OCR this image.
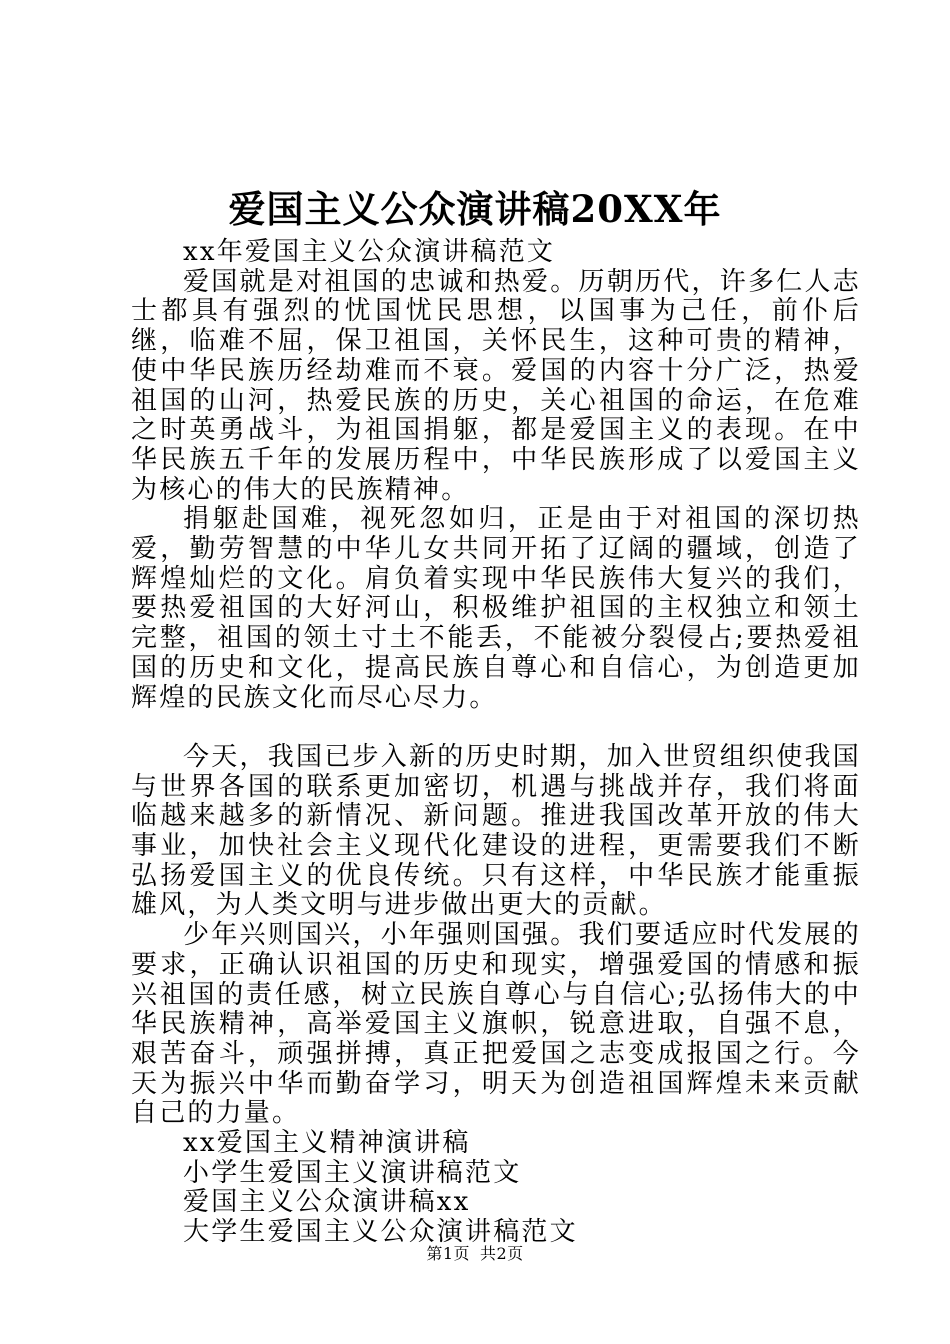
爱国主义公众演讲稿20XX年

xx年爱国主义公众演讲稿范文

爱国就是对祖国的忠诚和热爱。历朝历代，许多仁人志士都具有强烈的忧国忧民思想，以国事为己任，前仆后继，临难不屈，保卫祖国，关怀民生，这种可贵的精神，使中华民族历经劫难而不衰。爱国的内容十分广泛，热爱祖国的山河，热爱民族的历史，关心祖国的命运，在危难之时英勇战斗，为祖国捐躯，都是爱国主义的表现。在中华民族五千年的发展历程中，中华民族形成了以爱国主义为核心的伟大的民族精神。

捐躯赴国难，视死忽如归，正是由于对祖国的深切热爱，勤劳智慧的中华儿女共同开拓了辽阔的疆域，创造了辉煌灿烂的文化。肩负着实现中华民族伟大复兴的我们，要热爱祖国的大好河山，积极维护祖国的主权独立和领土完整，祖国的领土寸土不能丢，不能被分裂侵占;要热爱祖国的历史和文化，提高民族自尊心和自信心，为创造更加辉煌的民族文化而尽心尽力。

今天，我国已步入新的历史时期，加入世贸组织使我国与世界各国的联系更加密切，机遇与挑战并存，我们将面临越来越多的新情况、新问题。推进我国改革开放的伟大事业，加快社会主义现代化建设的进程，更需要我们不断弘扬爱国主义的优良传统。只有这样，中华民族才能重振雄风，为人类文明与进步做出更大的贡献。

少年兴则国兴，小年强则国强。我们要适应时代发展的要求，正确认识祖国的历史和现实，增强爱国的情感和振兴祖国的责任感，树立民族自尊心与自信心;弘扬伟大的中华民族精神，高举爱国主义旗帜，锐意进取，自强不息，艰苦奋斗，顽强拼搏，真正把爱国之志变成报国之行。今天为振兴中华而勤奋学习，明天为创造祖国辉煌未来贡献自己的力量。

xx爱国主义精神演讲稿

小学生爱国主义演讲稿范文

爱国主义公众演讲稿xx

大学生爱国主义公众演讲稿范文

第1页 共2页
